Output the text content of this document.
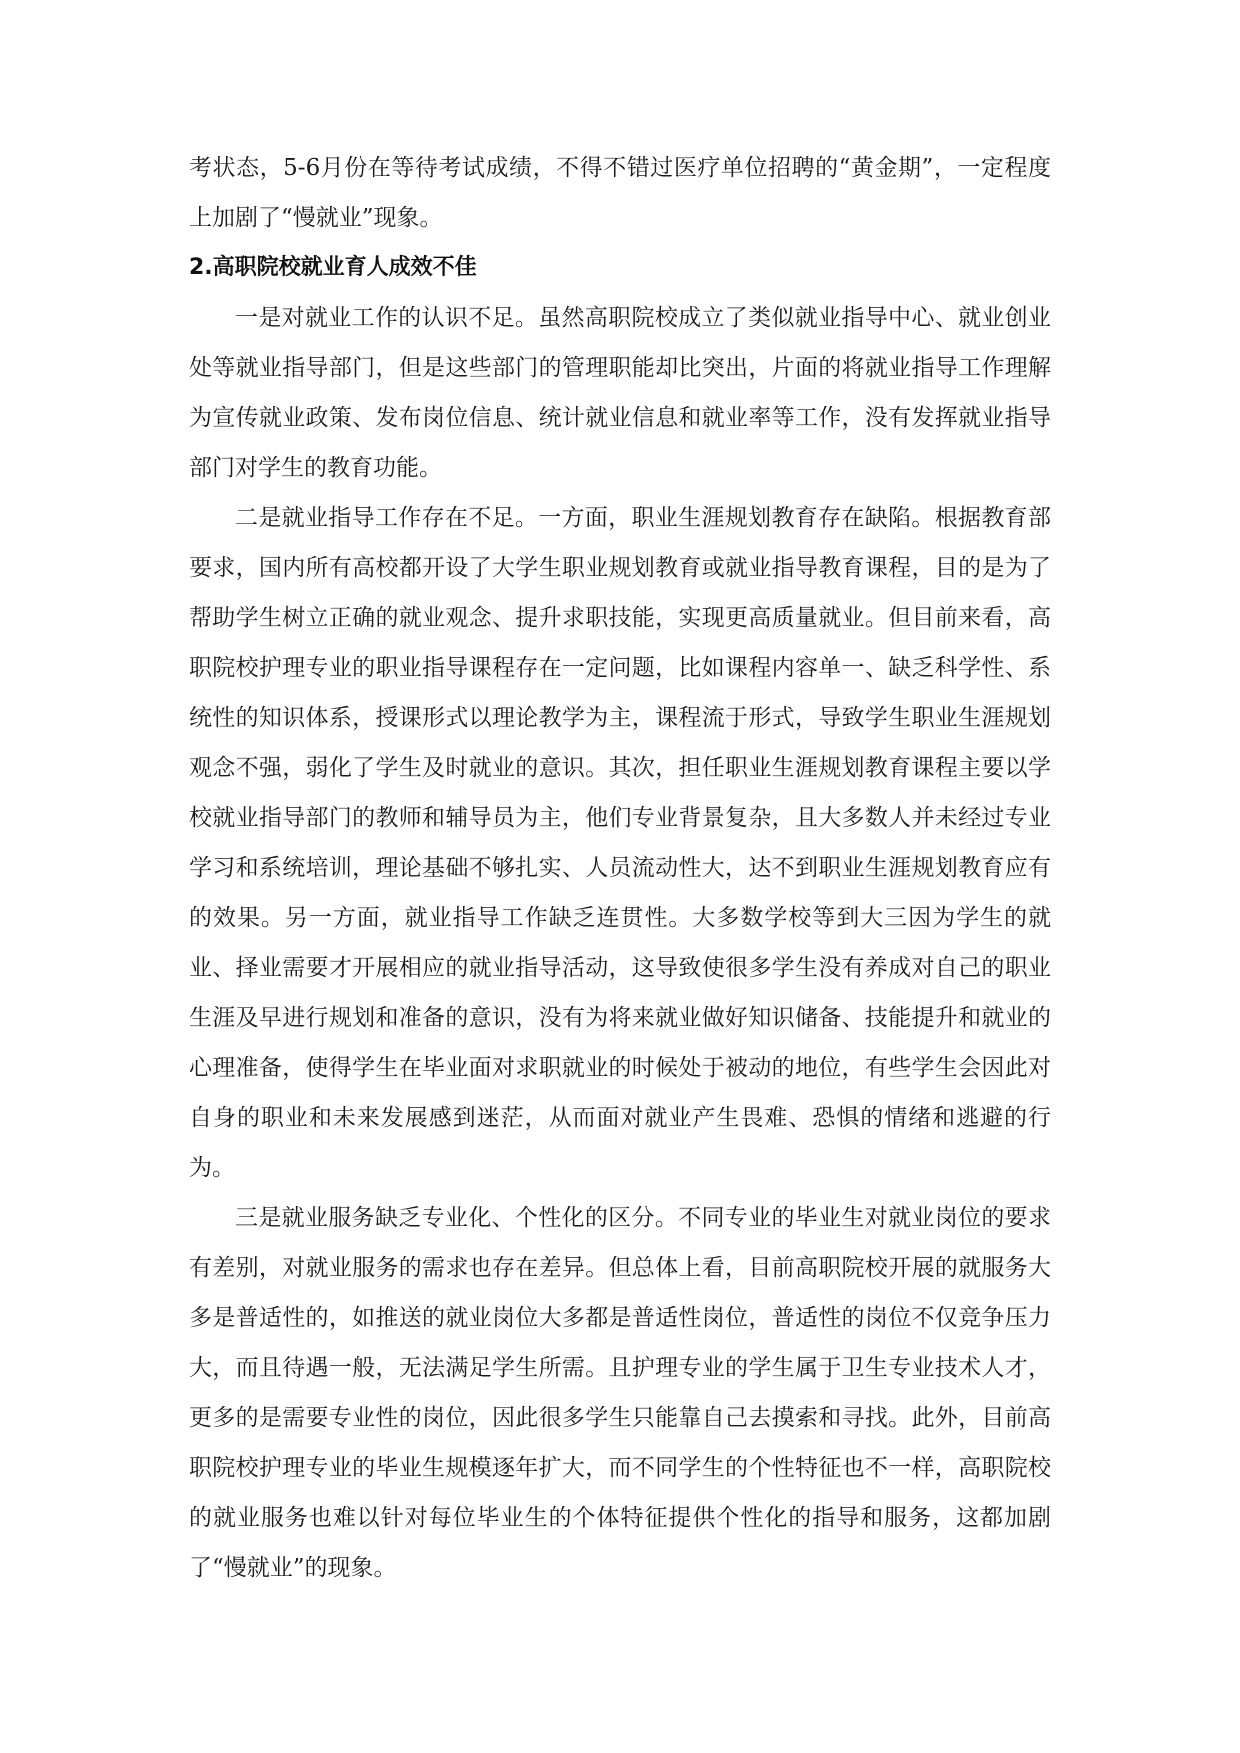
考状态，5-6月份在等待考试成绩，不得不错过医疗单位招聘的“黄金期”，一定程度上加剧了“慢就业”现象。

2.高职院校就业育人成效不佳

一是对就业工作的认识不足。虽然高职院校成立了类似就业指导中心、就业创业处等就业指导部门，但是这些部门的管理职能却比突出，片面的将就业指导工作理解为宣传就业政策、发布岗位信息、统计就业信息和就业率等工作，没有发挥就业指导部门对学生的教育功能。

二是就业指导工作存在不足。一方面，职业生涯规划教育存在缺陷。根据教育部要求，国内所有高校都开设了大学生职业规划教育或就业指导教育课程，目的是为了帮助学生树立正确的就业观念、提升求职技能，实现更高质量就业。但目前来看，高职院校护理专业的职业指导课程存在一定问题，比如课程内容单一、缺乏科学性、系统性的知识体系，授课形式以理论教学为主，课程流于形式，导致学生职业生涯规划观念不强，弱化了学生及时就业的意识。其次，担任职业生涯规划教育课程主要以学校就业指导部门的教师和辅导员为主，他们专业背景复杂，且大多数人并未经过专业学习和系统培训，理论基础不够扎实、人员流动性大，达不到职业生涯规划教育应有的效果。另一方面，就业指导工作缺乏连贯性。大多数学校等到大三因为学生的就业、择业需要才开展相应的就业指导活动，这导致使很多学生没有养成对自己的职业生涯及早进行规划和准备的意识，没有为将来就业做好知识储备、技能提升和就业的心理准备，使得学生在毕业面对求职就业的时候处于被动的地位，有些学生会因此对自身的职业和未来发展感到迷茫，从而面对就业产生畏难、恐惧的情绪和逃避的行为。

三是就业服务缺乏专业化、个性化的区分。不同专业的毕业生对就业岗位的要求有差别，对就业服务的需求也存在差异。但总体上看，目前高职院校开展的就服务大多是普适性的，如推送的就业岗位大多都是普适性岗位，普适性的岗位不仅竞争压力大，而且待遇一般，无法满足学生所需。且护理专业的学生属于卫生专业技术人才，更多的是需要专业性的岗位，因此很多学生只能靠自己去摸索和寻找。此外，目前高职院校护理专业的毕业生规模逐年扩大，而不同学生的个性特征也不一样，高职院校的就业服务也难以针对每位毕业生的个体特征提供个性化的指导和服务，这都加剧了“慢就业”的现象。
